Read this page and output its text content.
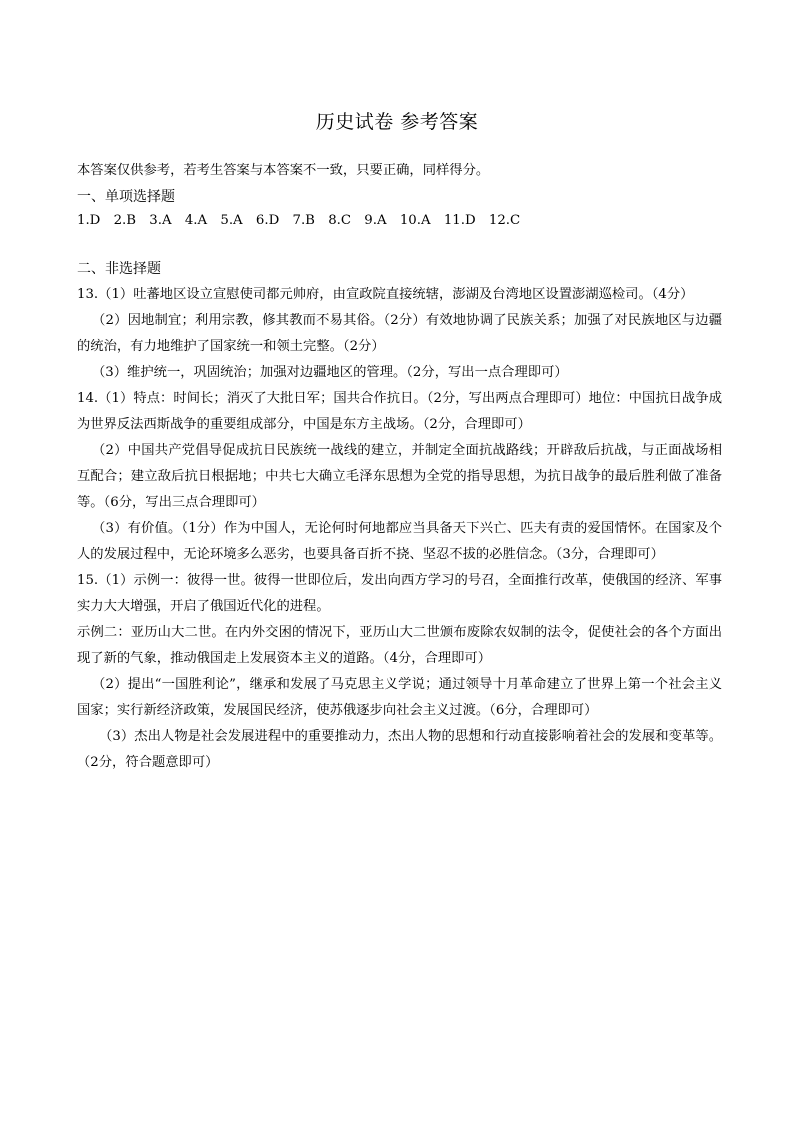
历史试卷 参考答案
本答案仅供参考，若考生答案与本答案不一致，只要正确，同样得分。
一、单项选择题
1.D 2.B 3.A 4.A 5.A 6.D 7.B 8.C 9.A 10.A 11.D 12.C
二、非选择题
13.（1）吐蕃地区设立宣慰使司都元帅府，由宣政院直接统辖，澎湖及台湾地区设置澎湖巡检司。（4分）
（2）因地制宜；利用宗教，修其教而不易其俗。（2分）有效地协调了民族关系；加强了对民族地区与边疆的统治，有力地维护了国家统一和领土完整。（2分）
（3）维护统一，巩固统治；加强对边疆地区的管理。（2分，写出一点合理即可）
14.（1）特点：时间长；消灭了大批日军；国共合作抗日。（2分，写出两点合理即可）地位：中国抗日战争成为世界反法西斯战争的重要组成部分，中国是东方主战场。（2分，合理即可）
（2）中国共产党倡导促成抗日民族统一战线的建立，并制定全面抗战路线；开辟敌后抗战，与正面战场相互配合；建立敌后抗日根据地；中共七大确立毛泽东思想为全党的指导思想，为抗日战争的最后胜利做了准备等。（6分，写出三点合理即可）
（3）有价值。（1分）作为中国人，无论何时何地都应当具备天下兴亡、匹夫有责的爱国情怀。在国家及个人的发展过程中，无论环境多么恶劣，也要具备百折不挠、坚忍不拔的必胜信念。（3分，合理即可）
15.（1）示例一：彼得一世。彼得一世即位后，发出向西方学习的号召，全面推行改革，使俄国的经济、军事实力大大增强，开启了俄国近代化的进程。
示例二：亚历山大二世。在内外交困的情况下，亚历山大二世颁布废除农奴制的法令，促使社会的各个方面出现了新的气象，推动俄国走上发展资本主义的道路。（4分，合理即可）
（2）提出“一国胜利论”，继承和发展了马克思主义学说；通过领导十月革命建立了世界上第一个社会主义国家；实行新经济政策，发展国民经济，使苏俄逐步向社会主义过渡。（6分，合理即可）
（3）杰出人物是社会发展进程中的重要推动力，杰出人物的思想和行动直接影响着社会的发展和变革等。（2分，符合题意即可）
